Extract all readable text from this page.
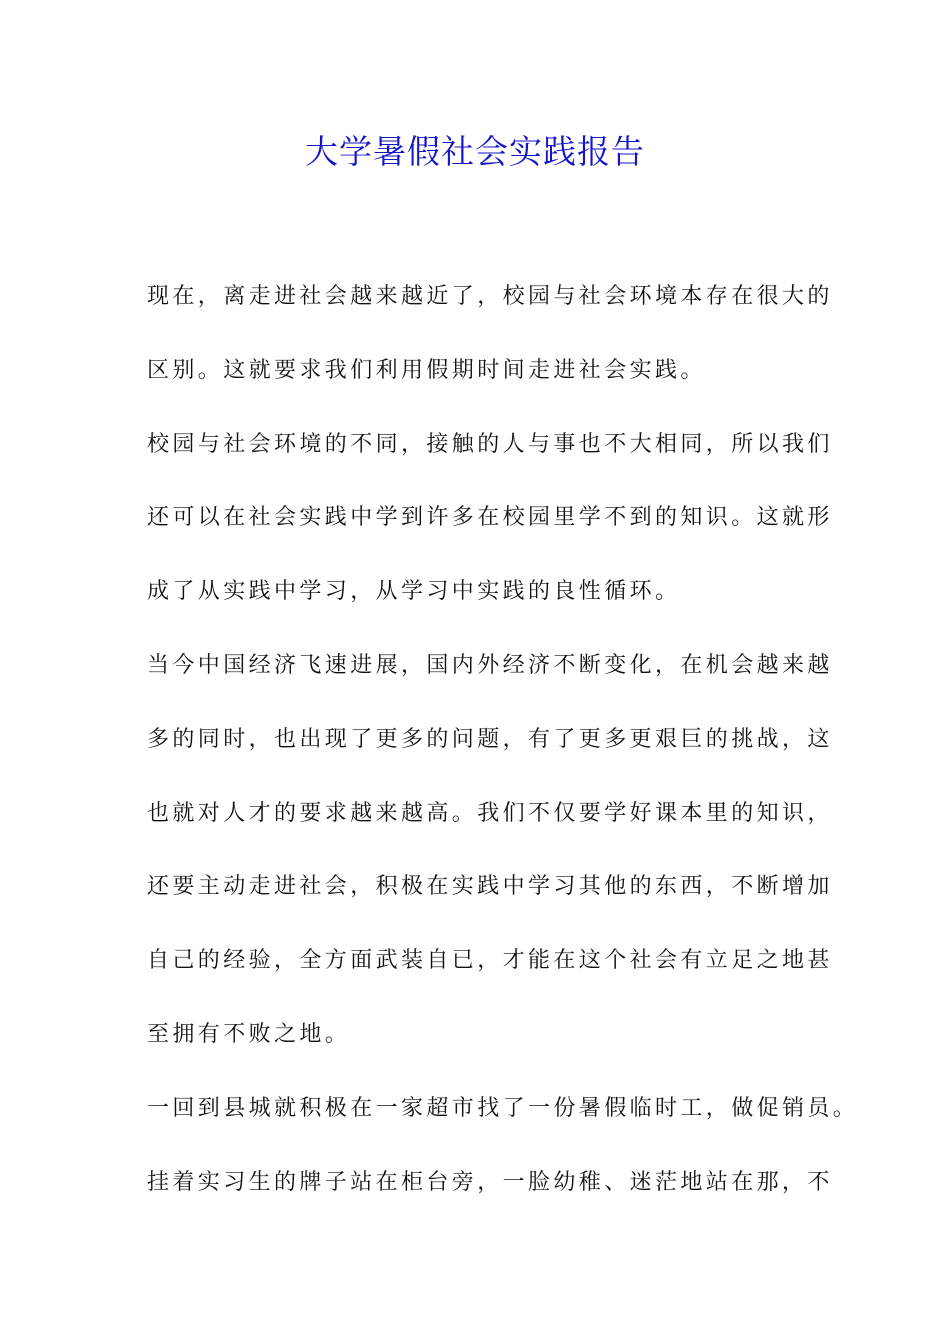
大学暑假社会实践报告
现在，离走进社会越来越近了，校园与社会环境本存在很大的
区别。这就要求我们利用假期时间走进社会实践。
校园与社会环境的不同，接触的人与事也不大相同，所以我们
还可以在社会实践中学到许多在校园里学不到的知识。这就形
成了从实践中学习，从学习中实践的良性循环。
当今中国经济飞速进展，国内外经济不断变化，在机会越来越
多的同时，也出现了更多的问题，有了更多更艰巨的挑战，这
也就对人才的要求越来越高。我们不仅要学好课本里的知识，
还要主动走进社会，积极在实践中学习其他的东西，不断增加
自己的经验，全方面武装自已，才能在这个社会有立足之地甚
至拥有不败之地。
一回到县城就积极在一家超市找了一份暑假临时工，做促销员。
挂着实习生的牌子站在柜台旁，一脸幼稚、迷茫地站在那，不
